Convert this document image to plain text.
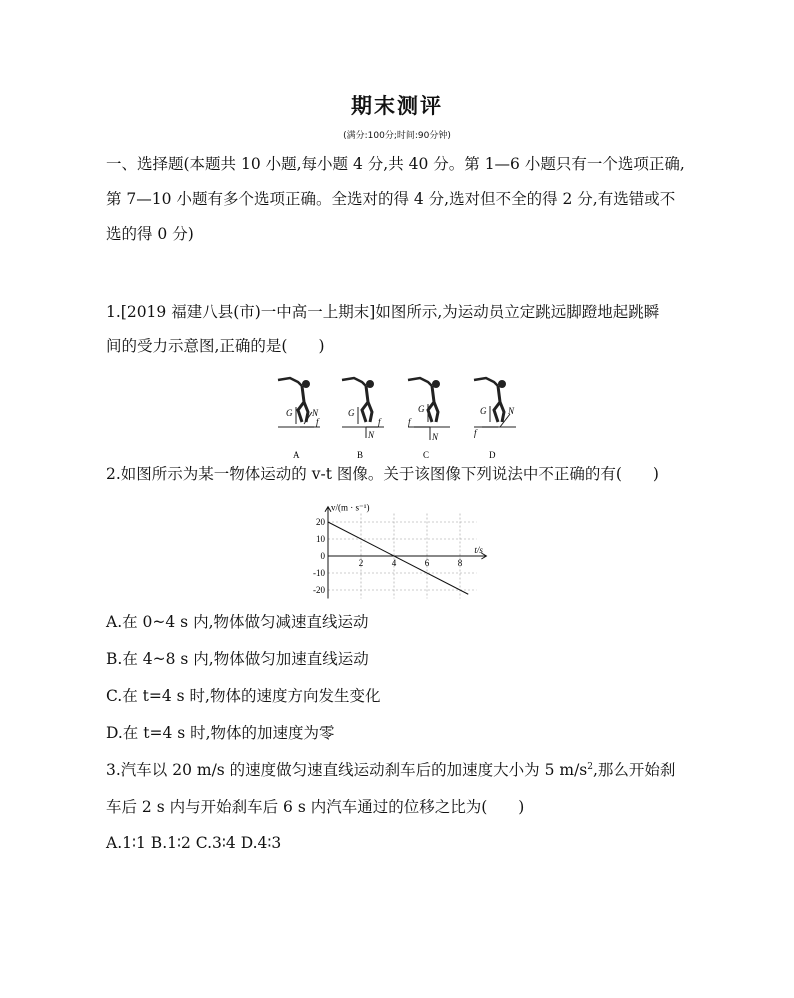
期末测评
(满分:100分;时间:90分钟)
一、选择题(本题共 10 小题,每小题 4 分,共 40 分。第 1—6 小题只有一个选项正确,
第 7—10 小题有多个选项正确。全选对的得 4 分,选对但不全的得 2 分,有选错或不
选的得 0 分)
1.[2019 福建八县(市)一中高一上期末]如图所示,为运动员立定跳远脚蹬地起跳瞬
间的受力示意图,正确的是(　　)
G N
f
A
G
N
f
B
G
N
f
C
G N
f
D
2.如图所示为某一物体运动的 v-t 图像。关于该图像下列说法中不正确的有(　　)
20
10
0
-10
-20
2	4	6	8
v/(m · s⁻¹)
t/s
A.在 0~4 s 内,物体做匀减速直线运动
B.在 4~8 s 内,物体做匀加速直线运动
C.在 t=4 s 时,物体的速度方向发生变化
D.在 t=4 s 时,物体的加速度为零
3.汽车以 20 m/s 的速度做匀速直线运动刹车后的加速度大小为 5 $m/s^2$,那么开始刹
车后 2 s 内与开始刹车后 6 s 内汽车通过的位移之比为(　　)
A.1∶1 B.1∶2 C.3∶4 D.4∶3
